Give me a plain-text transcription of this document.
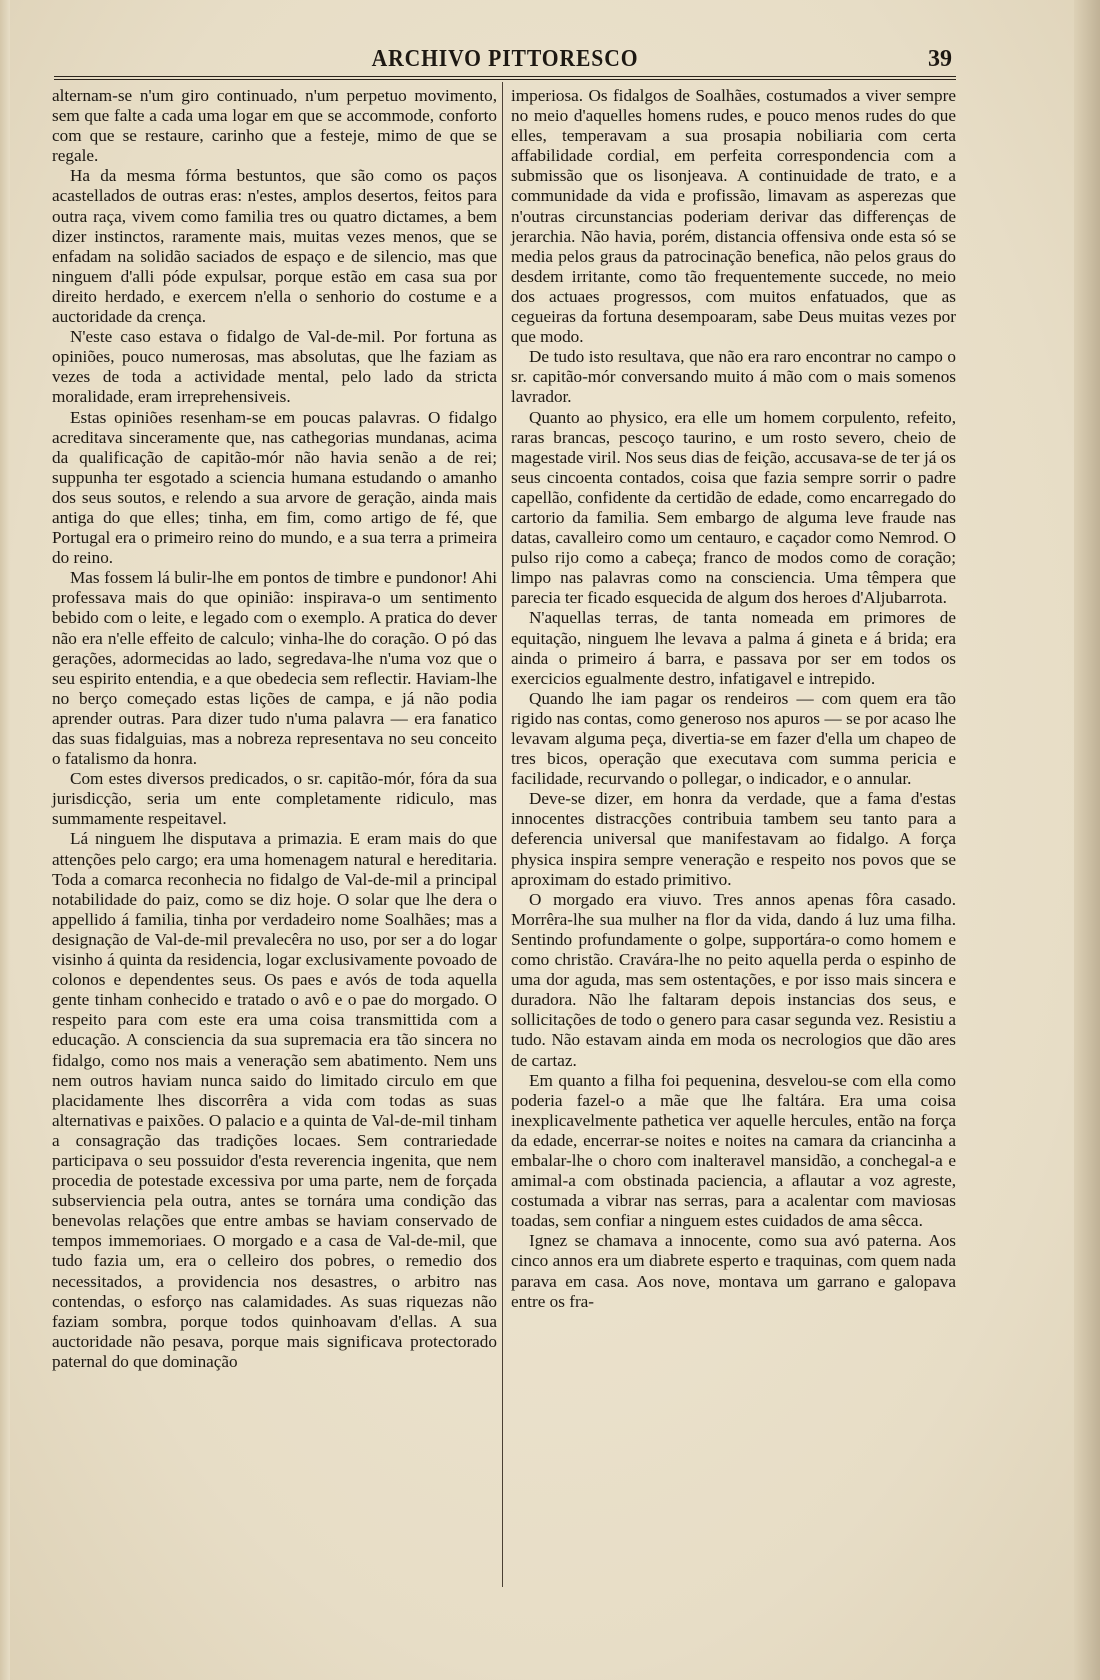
ARCHIVO PITTORESCO	39

alternam-se n'um giro continuado, n'um perpetuo movimento, sem que falte a cada uma logar em que se accommode, conforto com que se restaure, carinho que a festeje, mimo de que se regale.

Ha da mesma fórma bestuntos, que são como os paços acastellados de outras eras: n'estes, amplos desertos, feitos para outra raça, vivem como familia tres ou quatro dictames, a bem dizer instinctos, raramente mais, muitas vezes menos, que se enfadam na solidão saciados de espaço e de silencio, mas que ninguem d'alli póde expulsar, porque estão em casa sua por direito herdado, e exercem n'ella o senhorio do costume e a auctoridade da crença.

N'este caso estava o fidalgo de Val-de-mil. Por fortuna as opiniões, pouco numerosas, mas absolutas, que lhe faziam as vezes de toda a actividade mental, pelo lado da stricta moralidade, eram irreprehensiveis.

Estas opiniões resenham-se em poucas palavras. O fidalgo acreditava sinceramente que, nas cathegorias mundanas, acima da qualificação de capitão-mór não havia senão a de rei; suppunha ter esgotado a sciencia humana estudando o amanho dos seus soutos, e relendo a sua arvore de geração, ainda mais antiga do que elles; tinha, em fim, como artigo de fé, que Portugal era o primeiro reino do mundo, e a sua terra a primeira do reino.

Mas fossem lá bulir-lhe em pontos de timbre e pundonor! Ahi professava mais do que opinião: inspirava-o um sentimento bebido com o leite, e legado com o exemplo. A pratica do dever não era n'elle effeito de calculo; vinha-lhe do coração. O pó das gerações, adormecidas ao lado, segredava-lhe n'uma voz que o seu espirito entendia, e a que obedecia sem reflectir. Haviam-lhe no berço começado estas lições de campa, e já não podia aprender outras. Para dizer tudo n'uma palavra — era fanatico das suas fidalguias, mas a nobreza representava no seu conceito o fatalismo da honra.

Com estes diversos predicados, o sr. capitão-mór, fóra da sua jurisdicção, seria um ente completamente ridiculo, mas summamente respeitavel.

Lá ninguem lhe disputava a primazia. E eram mais do que attenções pelo cargo; era uma homenagem natural e hereditaria. Toda a comarca reconhecia no fidalgo de Val-de-mil a principal notabilidade do paiz, como se diz hoje. O solar que lhe dera o appellido á familia, tinha por verdadeiro nome Soalhães; mas a designação de Val-de-mil prevalecêra no uso, por ser a do logar visinho á quinta da residencia, logar exclusivamente povoado de colonos e dependentes seus. Os paes e avós de toda aquella gente tinham conhecido e tratado o avô e o pae do morgado. O respeito para com este era uma coisa transmittida com a educação. A consciencia da sua supremacia era tão sincera no fidalgo, como nos mais a veneração sem abatimento. Nem uns nem outros haviam nunca saido do limitado circulo em que placidamente lhes discorrêra a vida com todas as suas alternativas e paixões. O palacio e a quinta de Val-de-mil tinham a consagração das tradições locaes. Sem contrariedade participava o seu possuidor d'esta reverencia ingenita, que nem procedia de potestade excessiva por uma parte, nem de forçada subserviencia pela outra, antes se tornára uma condição das benevolas relações que entre ambas se haviam conservado de tempos immemoriaes. O morgado e a casa de Val-de-mil, que tudo fazia um, era o celleiro dos pobres, o remedio dos necessitados, a providencia nos desastres, o arbitro nas contendas, o esforço nas calamidades. As suas riquezas não faziam sombra, porque todos quinhoavam d'ellas. A sua auctoridade não pesava, porque mais significava protectorado paternal do que dominação

imperiosa. Os fidalgos de Soalhães, costumados a viver sempre no meio d'aquelles homens rudes, e pouco menos rudes do que elles, temperavam a sua prosapia nobiliaria com certa affabilidade cordial, em perfeita correspondencia com a submissão que os lisonjeava. A continuidade de trato, e a communidade da vida e profissão, limavam as asperezas que n'outras circunstancias poderiam derivar das differenças de jerarchia. Não havia, porém, distancia offensiva onde esta só se media pelos graus da patrocinação benefica, não pelos graus do desdem irritante, como tão frequentemente succede, no meio dos actuaes progressos, com muitos enfatuados, que as cegueiras da fortuna desempoaram, sabe Deus muitas vezes por que modo.

De tudo isto resultava, que não era raro encontrar no campo o sr. capitão-mór conversando muito á mão com o mais somenos lavrador.

Quanto ao physico, era elle um homem corpulento, refeito, raras brancas, pescoço taurino, e um rosto severo, cheio de magestade viril. Nos seus dias de feição, accusava-se de ter já os seus cincoenta contados, coisa que fazia sempre sorrir o padre capellão, confidente da certidão de edade, como encarregado do cartorio da familia. Sem embargo de alguma leve fraude nas datas, cavalleiro como um centauro, e caçador como Nemrod. O pulso rijo como a cabeça; franco de modos como de coração; limpo nas palavras como na consciencia. Uma têmpera que parecia ter ficado esquecida de algum dos heroes d'Aljubarrota.

N'aquellas terras, de tanta nomeada em primores de equitação, ninguem lhe levava a palma á gineta e á brida; era ainda o primeiro á barra, e passava por ser em todos os exercicios egualmente destro, infatigavel e intrepido.

Quando lhe iam pagar os rendeiros — com quem era tão rigido nas contas, como generoso nos apuros — se por acaso lhe levavam alguma peça, divertia-se em fazer d'ella um chapeo de tres bicos, operação que executava com summa pericia e facilidade, recurvando o pollegar, o indicador, e o annular.

Deve-se dizer, em honra da verdade, que a fama d'estas innocentes distracções contribuia tambem seu tanto para a deferencia universal que manifestavam ao fidalgo. A força physica inspira sempre veneração e respeito nos povos que se aproximam do estado primitivo.

O morgado era viuvo. Tres annos apenas fôra casado. Morrêra-lhe sua mulher na flor da vida, dando á luz uma filha. Sentindo profundamente o golpe, supportára-o como homem e como christão. Cravára-lhe no peito aquella perda o espinho de uma dor aguda, mas sem ostentações, e por isso mais sincera e duradora. Não lhe faltaram depois instancias dos seus, e sollicitações de todo o genero para casar segunda vez. Resistiu a tudo. Não estavam ainda em moda os necrologios que dão ares de cartaz.

Em quanto a filha foi pequenina, desvelou-se com ella como poderia fazel-o a mãe que lhe faltára. Era uma coisa inexplicavelmente pathetica ver aquelle hercules, então na força da edade, encerrar-se noites e noites na camara da criancinha a embalar-lhe o choro com inalteravel mansidão, a conchegal-a e amimal-a com obstinada paciencia, a aflautar a voz agreste, costumada a vibrar nas serras, para a acalentar com maviosas toadas, sem confiar a ninguem estes cuidados de ama sêcca.

Ignez se chamava a innocente, como sua avó paterna. Aos cinco annos era um diabrete esperto e traquinas, com quem nada parava em casa. Aos nove, montava um garrano e galopava entre os fra-
